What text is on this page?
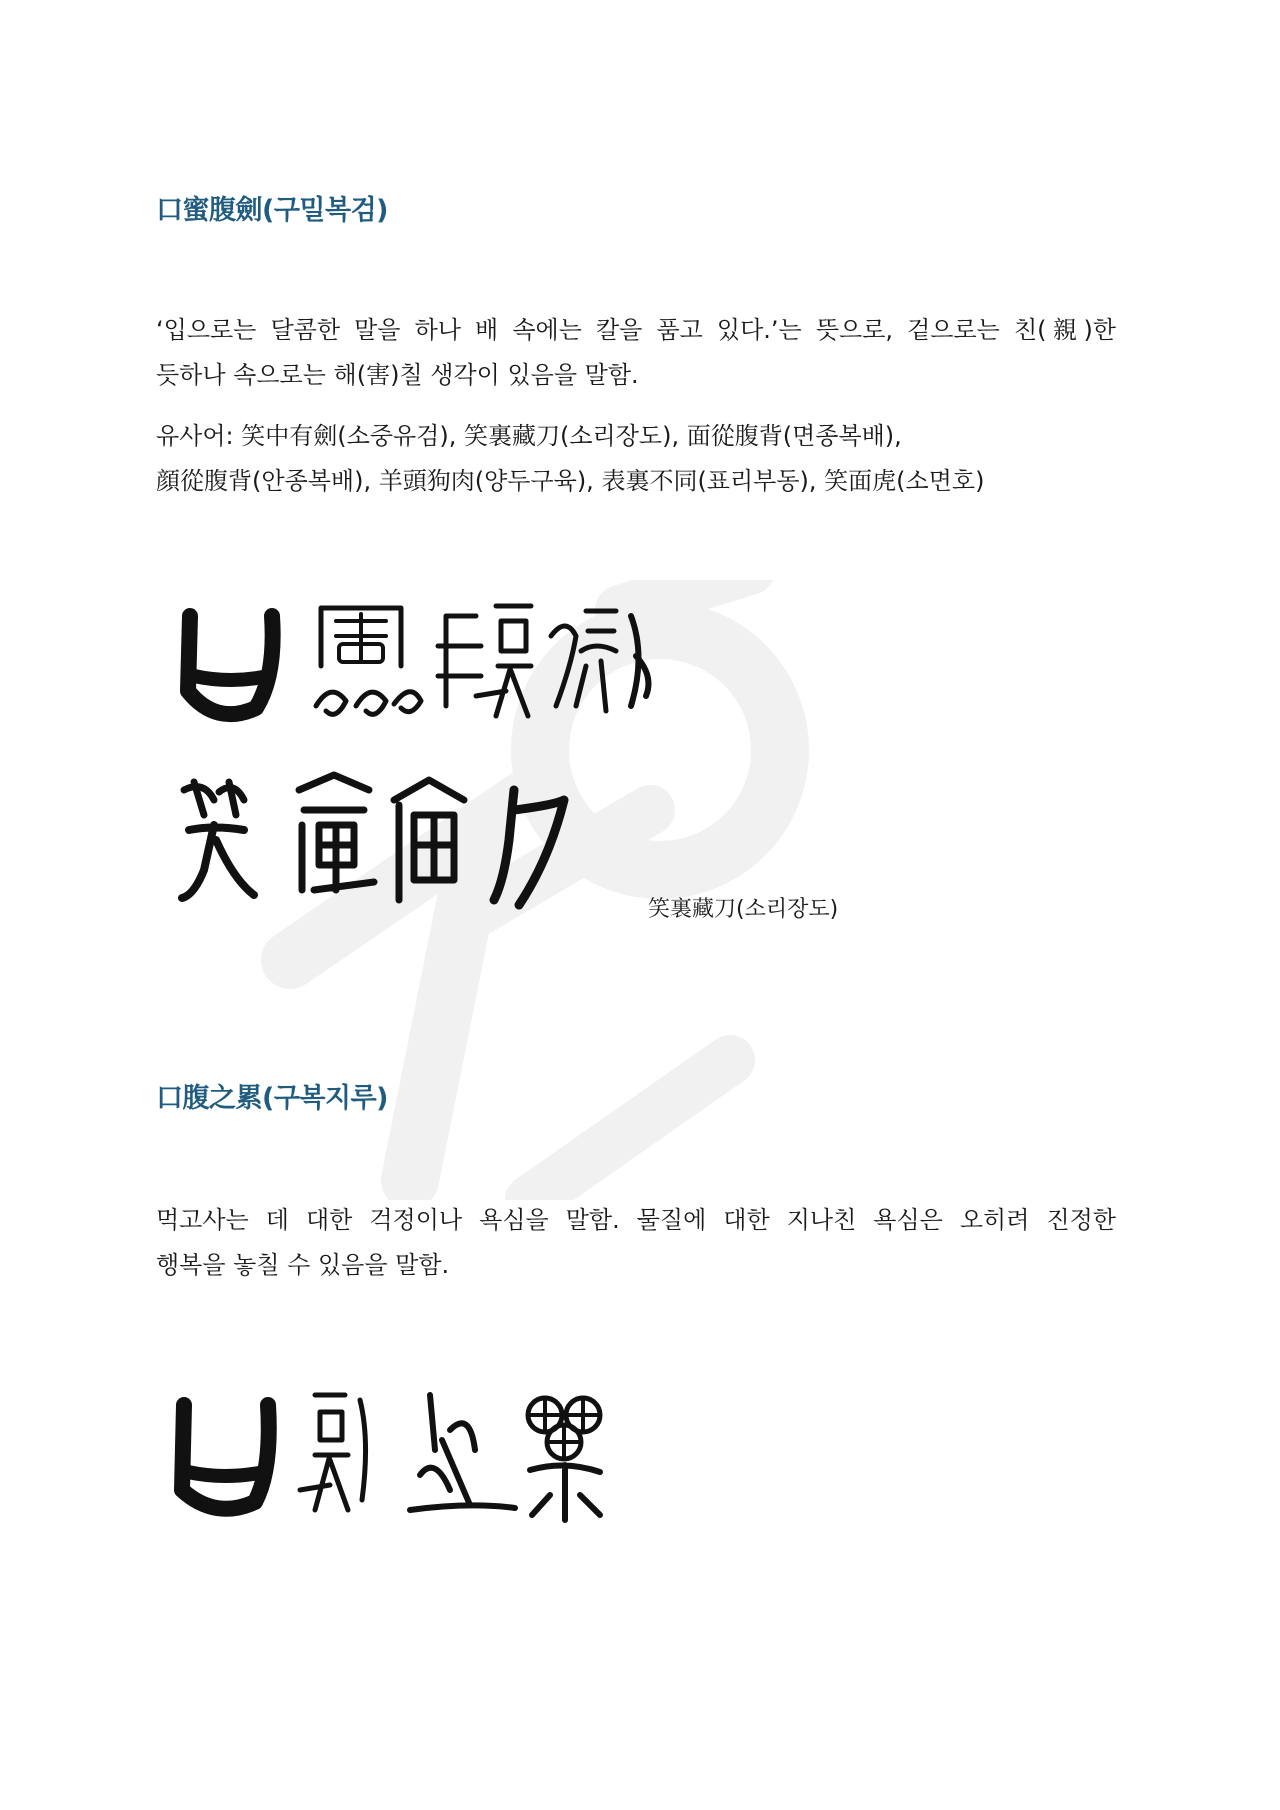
口蜜腹劍(구밀복검)
‘입으로는 달콤한 말을 하나 배 속에는 칼을 품고 있다.’는 뜻으로, 겉으로는 친(親)한
듯하나 속으로는 해(害)칠 생각이 있음을 말함.
유사어: 笑中有劍(소중유검), 笑裏藏刀(소리장도), 面從腹背(면종복배),
顔從腹背(안종복배), 羊頭狗肉(양두구육), 表裏不同(표리부동), 笑面虎(소면호)
笑裏藏刀(소리장도)
口腹之累(구복지루)
먹고사는 데 대한 걱정이나 욕심을 말함. 물질에 대한 지나친 욕심은 오히려 진정한
행복을 놓칠 수 있음을 말함.
